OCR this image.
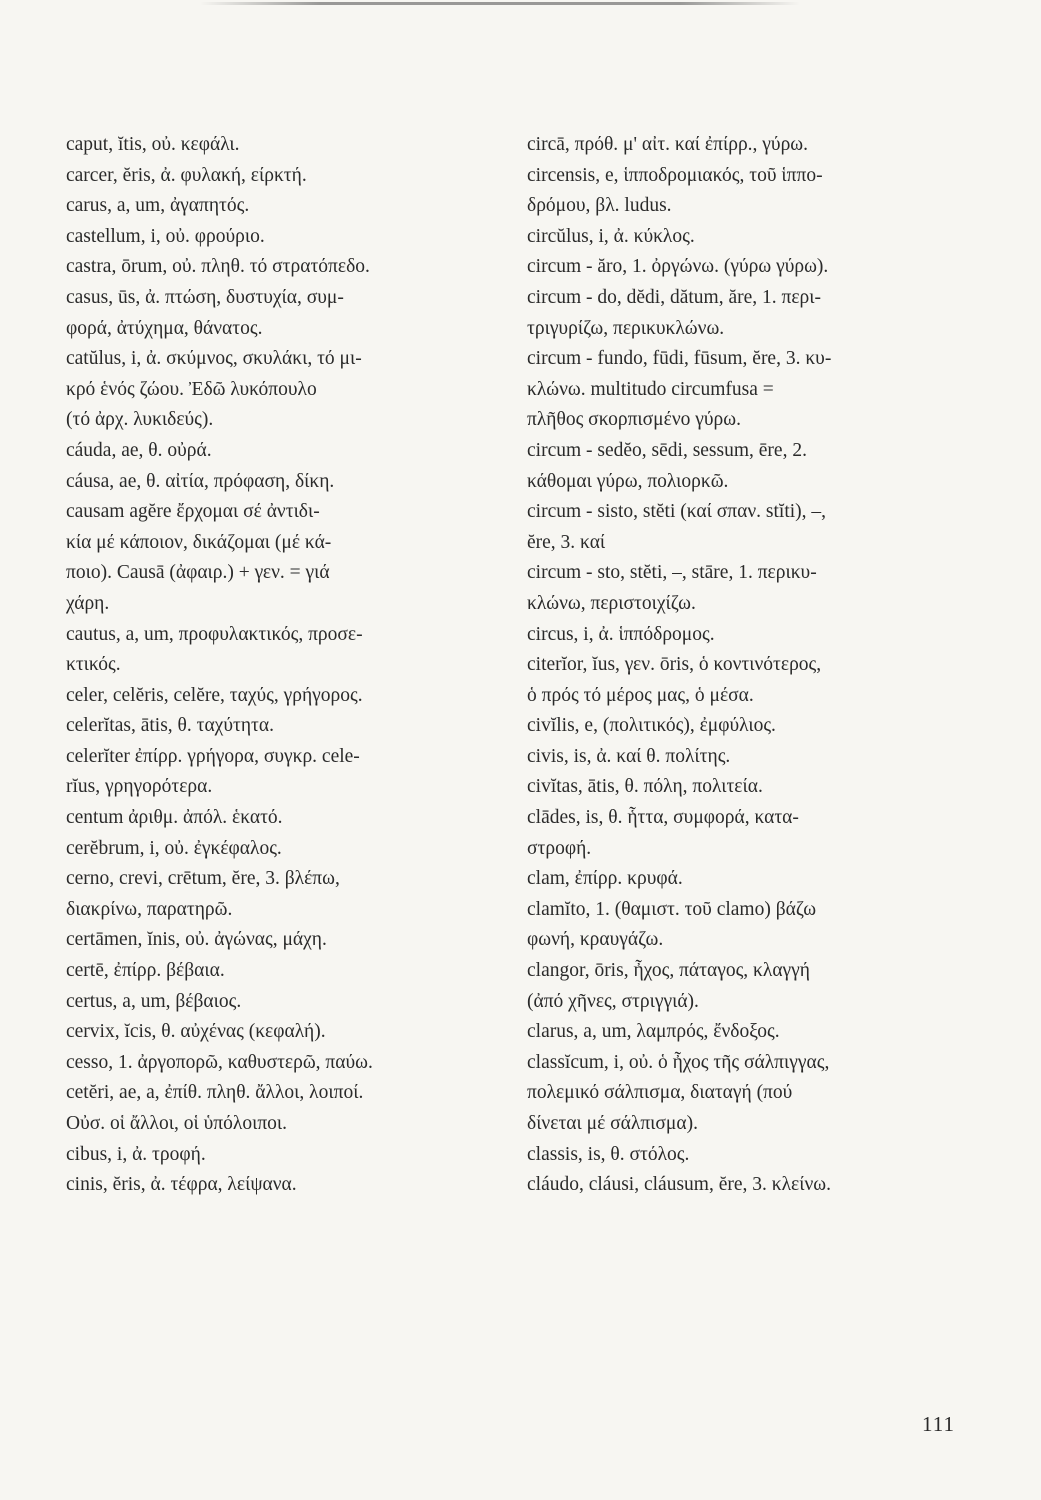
caput, ĭtis, οὐ. κεφάλι.
carcer, ĕris, ἀ. φυλακή, είρκτή.
carus, a, um, ἀγαπητός.
castellum, i, οὐ. φρούριο.
castra, ōrum, οὐ. πληθ. τό στρατόπεδο.
casus, ūs, ἀ. πτώση, δυστυχία, συμ-
φορά, ἀτύχημα, θάνατος.
catŭlus, i, ἀ. σκύμνος, σκυλάκι, τό μι-
κρό ἑνός ζώου. Ἐδῶ λυκόπουλο
(τό ἀρχ. λυκιδεύς).
cáuda, ae, θ. οὐρά.
cáusa, ae, θ. αἰτία, πρόφαση, δίκη.
causam agĕre ἔρχομαι σέ ἀντιδι-
κία μέ κάποιον, δικάζομαι (μέ κά-
ποιο). Causā (ἀφαιρ.) + γεν. = γιά
χάρη.
cautus, a, um, προφυλακτικός, προσε-
κτικός.
celer, celĕris, celĕre, ταχύς, γρήγορος.
celerĭtas, ātis, θ. ταχύτητα.
celerĭter ἐπίρρ. γρήγορα, συγκρ. cele-
rĭus, γρηγορότερα.
centum ἀριθμ. ἀπόλ. ἑκατό.
cerĕbrum, i, οὐ. ἐγκέφαλος.
cerno, crevi, crētum, ĕre, 3. βλέπω,
διακρίνω, παρατηρῶ.
certāmen, ĭnis, οὐ. ἀγώνας, μάχη.
certē, ἐπίρρ. βέβαια.
certus, a, um, βέβαιος.
cervix, ĭcis, θ. αὐχένας (κεφαλή).
cesso, 1. ἀργοπορῶ, καθυστερῶ, παύω.
cetĕri, ae, a, ἐπίθ. πληθ. ἄλλοι, λοιποί.
Οὐσ. οἱ ἄλλοι, οἱ ὑπόλοιποι.
cibus, i, ἀ. τροφή.
cinis, ĕris, ἀ. τέφρα, λείψανα.
circā, πρόθ. μ' αἰτ. καί ἐπίρρ., γύρω.
circensis, e, ἱπποδρομιακός, τοῦ ἱππο-
δρόμου, βλ. ludus.
circŭlus, i, ἀ. κύκλος.
circum - ăro, 1. ὀργώνω. (γύρω γύρω).
circum - do, dĕdi, dătum, ăre, 1. περι-
τριγυρίζω, περικυκλώνω.
circum - fundo, fūdi, fūsum, ĕre, 3. κυ-
κλώνω. multitudo circumfusa =
πλῆθος σκορπισμένο γύρω.
circum - sedĕo, sēdi, sessum, ēre, 2.
κάθομαι γύρω, πολιορκῶ.
circum - sisto, stĕti (καί σπαν. stĭti), –,
ĕre, 3. καί
circum - sto, stĕti, –, stāre, 1. περικυ-
κλώνω, περιστοιχίζω.
circus, i, ἀ. ἱππόδρομος.
citerĭor, ĭus, γεν. ōris, ὁ κοντινότερος,
ὁ πρός τό μέρος μας, ὁ μέσα.
civĭlis, e, (πολιτικός), ἐμφύλιος.
civis, is, ἀ. καί θ. πολίτης.
civĭtas, ātis, θ. πόλη, πολιτεία.
clādes, is, θ. ἧττα, συμφορά, κατα-
στροφή.
clam, ἐπίρρ. κρυφά.
clamĭto, 1. (θαμιστ. τοῦ clamo) βάζω
φωνή, κραυγάζω.
clangor, ōris, ἦχος, πάταγος, κλαγγή
(ἀπό χῆνες, στριγγιά).
clarus, a, um, λαμπρός, ἔνδοξος.
classĭcum, i, οὐ. ὁ ἦχος τῆς σάλπιγγας,
πολεμικό σάλπισμα, διαταγή (πού
δίνεται μέ σάλπισμα).
classis, is, θ. στόλος.
cláudo, cláusi, cláusum, ĕre, 3. κλείνω.
111
